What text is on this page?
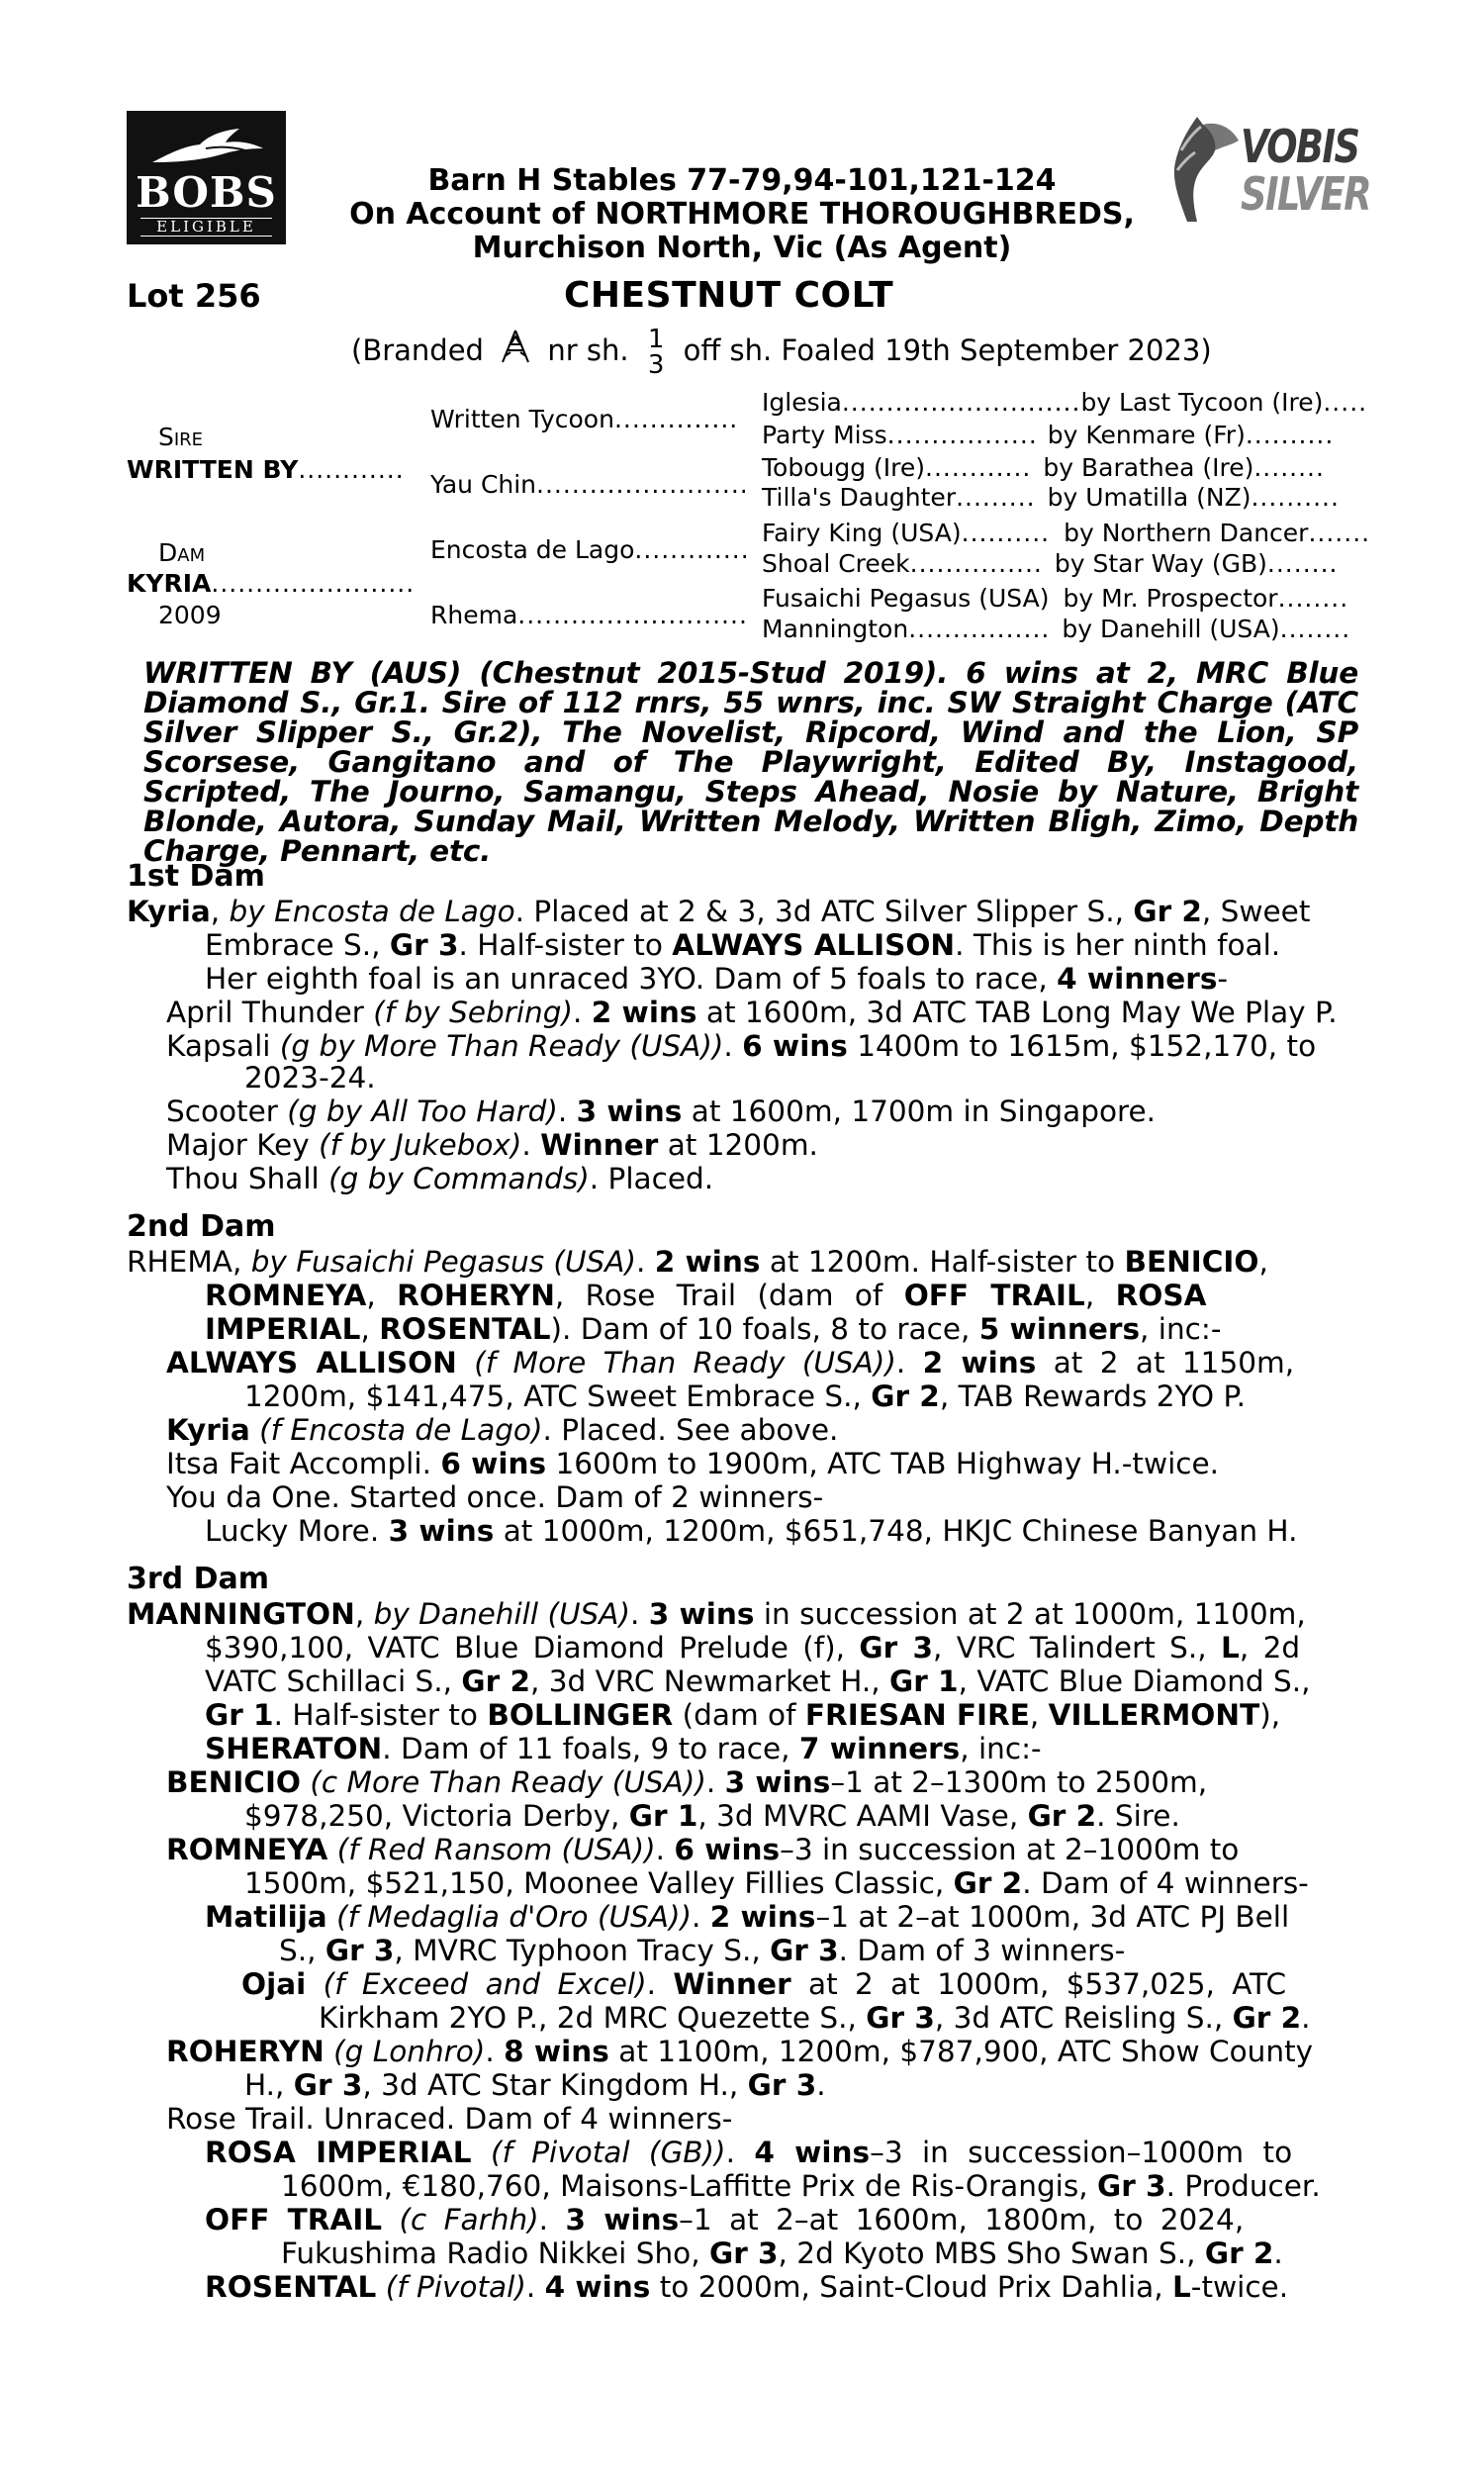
BOBS
ELIGIBLE
VOBIS
SILVER
Barn H Stables 77-79,94-101,121-124
On Account of NORTHMORE THOROUGHBREDS,
Murchison North, Vic (As Agent)
Lot 256	CHESTNUT COLT
(Branded nr sh. 1
3 off sh. Foaled 19th September 2023)
Sire
WRITTEN BY............
Dam
KYRIA.......................
2009
Written Tycoon..............
Yau Chin........................
Encosta de Lago.............
Rhema..........................
Iglesia...........................by Last Tycoon (Ire).....
Party Miss................. by Kenmare (Fr)..........
Tobougg (Ire)............ by Barathea (Ire)........
Tilla's Daughter......... by Umatilla (NZ)..........
Fairy King (USA).......... by Northern Dancer.......
Shoal Creek............... by Star Way (GB)........
Fusaichi Pegasus (USA) by Mr. Prospector........
Mannington................ by Danehill (USA)........
WRITTEN BY (AUS) (Chestnut 2015-Stud 2019). 6 wins at 2, MRC Blue Diamond S., Gr.1. Sire of 112 rnrs, 55 wnrs, inc. SW Straight Charge (ATC Silver Slipper S., Gr.2), The Novelist, Ripcord, Wind and the Lion, SP Scorsese, Gangitano and of The Playwright, Edited By, Instagood, Scripted, The Journo, Samangu, Steps Ahead, Nosie by Nature, Bright Blonde, Autora, Sunday Mail, Written Melody, Written Bligh, Zimo, Depth Charge, Pennart, etc.
1st Dam
Kyria, by Encosta de Lago. Placed at 2 & 3, 3d ATC Silver Slipper S., Gr 2, Sweet
Embrace S., Gr 3. Half-sister to ALWAYS ALLISON. This is her ninth foal.
Her eighth foal is an unraced 3YO. Dam of 5 foals to race, 4 winners-
April Thunder (f by Sebring). 2 wins at 1600m, 3d ATC TAB Long May We Play P.
Kapsali (g by More Than Ready (USA)). 6 wins 1400m to 1615m, $152,170, to
2023-24.
Scooter (g by All Too Hard). 3 wins at 1600m, 1700m in Singapore.
Major Key (f by Jukebox). Winner at 1200m.
Thou Shall (g by Commands). Placed.
2nd Dam
RHEMA, by Fusaichi Pegasus (USA). 2 wins at 1200m. Half-sister to BENICIO,
ROMNEYA, ROHERYN, Rose Trail (dam of OFF TRAIL, ROSA
IMPERIAL, ROSENTAL). Dam of 10 foals, 8 to race, 5 winners, inc:-
ALWAYS ALLISON (f More Than Ready (USA)). 2 wins at 2 at 1150m,
1200m, $141,475, ATC Sweet Embrace S., Gr 2, TAB Rewards 2YO P.
Kyria (f Encosta de Lago). Placed. See above.
Itsa Fait Accompli. 6 wins 1600m to 1900m, ATC TAB Highway H.-twice.
You da One. Started once. Dam of 2 winners-
Lucky More. 3 wins at 1000m, 1200m, $651,748, HKJC Chinese Banyan H.
3rd Dam
MANNINGTON, by Danehill (USA). 3 wins in succession at 2 at 1000m, 1100m,
$390,100, VATC Blue Diamond Prelude (f), Gr 3, VRC Talindert S., L, 2d
VATC Schillaci S., Gr 2, 3d VRC Newmarket H., Gr 1, VATC Blue Diamond S.,
Gr 1. Half-sister to BOLLINGER (dam of FRIESAN FIRE, VILLERMONT),
SHERATON. Dam of 11 foals, 9 to race, 7 winners, inc:-
BENICIO (c More Than Ready (USA)). 3 wins–1 at 2–1300m to 2500m,
$978,250, Victoria Derby, Gr 1, 3d MVRC AAMI Vase, Gr 2. Sire.
ROMNEYA (f Red Ransom (USA)). 6 wins–3 in succession at 2–1000m to
1500m, $521,150, Moonee Valley Fillies Classic, Gr 2. Dam of 4 winners-
Matilija (f Medaglia d'Oro (USA)). 2 wins–1 at 2–at 1000m, 3d ATC PJ Bell
S., Gr 3, MVRC Typhoon Tracy S., Gr 3. Dam of 3 winners-
Ojai (f Exceed and Excel). Winner at 2 at 1000m, $537,025, ATC
Kirkham 2YO P., 2d MRC Quezette S., Gr 3, 3d ATC Reisling S., Gr 2.
ROHERYN (g Lonhro). 8 wins at 1100m, 1200m, $787,900, ATC Show County
H., Gr 3, 3d ATC Star Kingdom H., Gr 3.
Rose Trail. Unraced. Dam of 4 winners-
ROSA IMPERIAL (f Pivotal (GB)). 4 wins–3 in succession–1000m to
1600m, €180,760, Maisons-Laffitte Prix de Ris-Orangis, Gr 3. Producer.
OFF TRAIL (c Farhh). 3 wins–1 at 2–at 1600m, 1800m, to 2024,
Fukushima Radio Nikkei Sho, Gr 3, 2d Kyoto MBS Sho Swan S., Gr 2.
ROSENTAL (f Pivotal). 4 wins to 2000m, Saint-Cloud Prix Dahlia, L-twice.
